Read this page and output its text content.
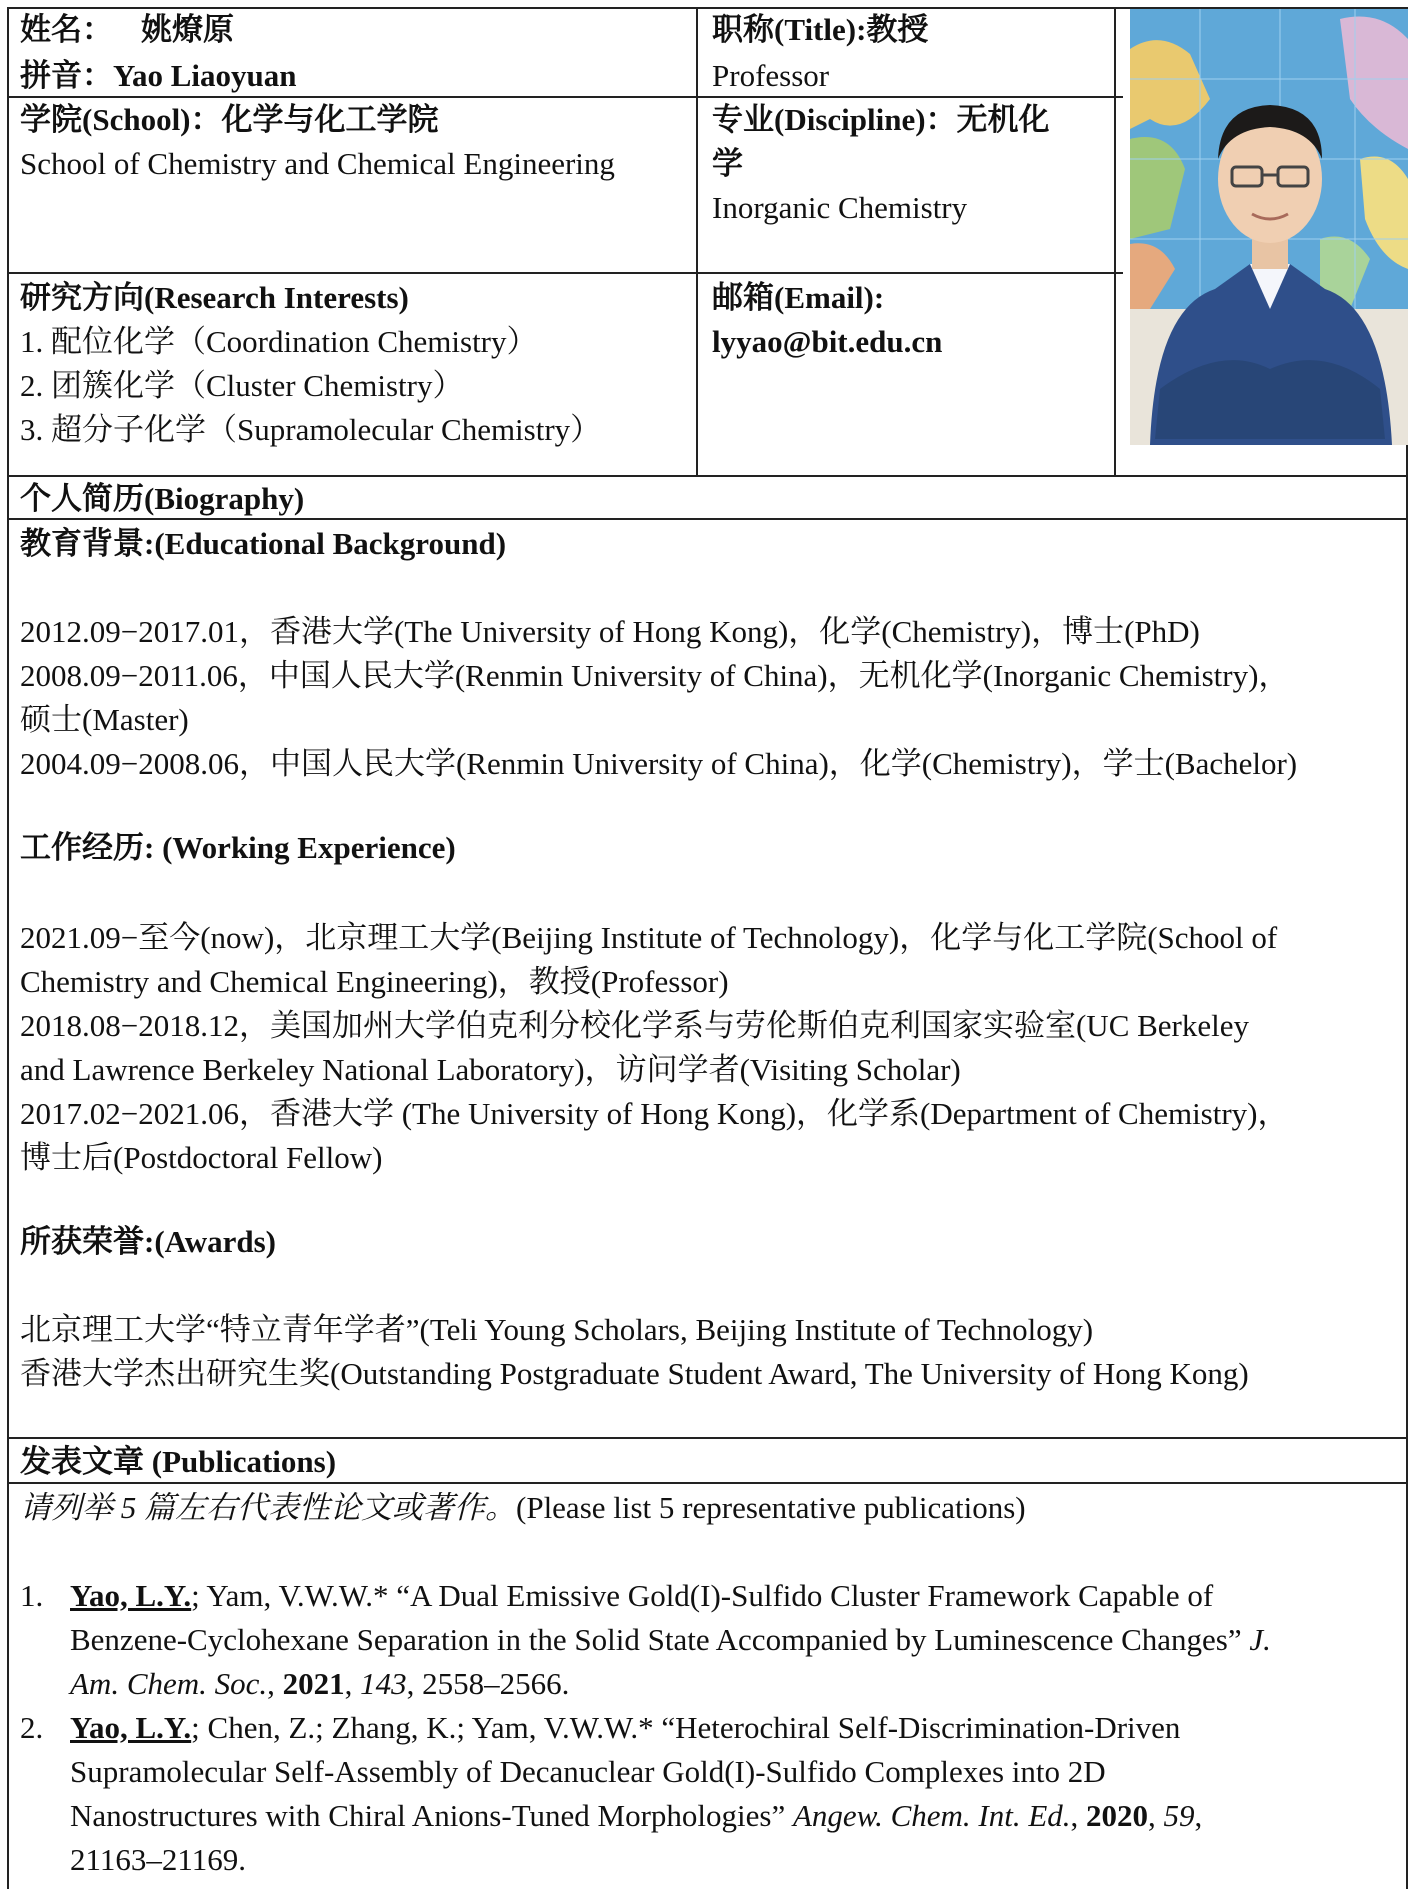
姓名： 姚燎原
拼音：Yao Liaoyuan
职称(Title):教授
Professor
学院(School)：化学与化工学院
School of Chemistry and Chemical Engineering
专业(Discipline)：无机化
学
Inorganic Chemistry
研究方向(Research Interests)
1. 配位化学（Coordination Chemistry）
2. 团簇化学（Cluster Chemistry）
3. 超分子化学（Supramolecular Chemistry）
邮箱(Email):
lyyao@bit.edu.cn
个人简历(Biography)
教育背景:(Educational Background)
2012.09−2017.01，香港大学(The University of Hong Kong)，化学(Chemistry)，博士(PhD)
2008.09−2011.06，中国人民大学(Renmin University of China)，无机化学(Inorganic Chemistry)，
硕士(Master)
2004.09−2008.06，中国人民大学(Renmin University of China)，化学(Chemistry)，学士(Bachelor)
工作经历: (Working Experience)
2021.09−至今(now)，北京理工大学(Beijing Institute of Technology)，化学与化工学院(School of
Chemistry and Chemical Engineering)，教授(Professor)
2018.08−2018.12，美国加州大学伯克利分校化学系与劳伦斯伯克利国家实验室(UC Berkeley
and Lawrence Berkeley National Laboratory)，访问学者(Visiting Scholar)
2017.02−2021.06，香港大学 (The University of Hong Kong)，化学系(Department of Chemistry)，
博士后(Postdoctoral Fellow)
所获荣誉:(Awards)
北京理工大学“特立青年学者”(Teli Young Scholars, Beijing Institute of Technology)
香港大学杰出研究生奖(Outstanding Postgraduate Student Award, The University of Hong Kong)
发表文章 (Publications)
请列举 5 篇左右代表性论文或著作。(Please list 5 representative publications)
1. Yao, L.Y.; Yam, V.W.W.* “A Dual Emissive Gold(I)-Sulfido Cluster Framework Capable of
Benzene-Cyclohexane Separation in the Solid State Accompanied by Luminescence Changes” J.
Am. Chem. Soc., 2021, 143, 2558–2566.
2. Yao, L.Y.; Chen, Z.; Zhang, K.; Yam, V.W.W.* “Heterochiral Self-Discrimination-Driven
Supramolecular Self-Assembly of Decanuclear Gold(I)-Sulfido Complexes into 2D
Nanostructures with Chiral Anions-Tuned Morphologies” Angew. Chem. Int. Ed., 2020, 59,
21163–21169.
